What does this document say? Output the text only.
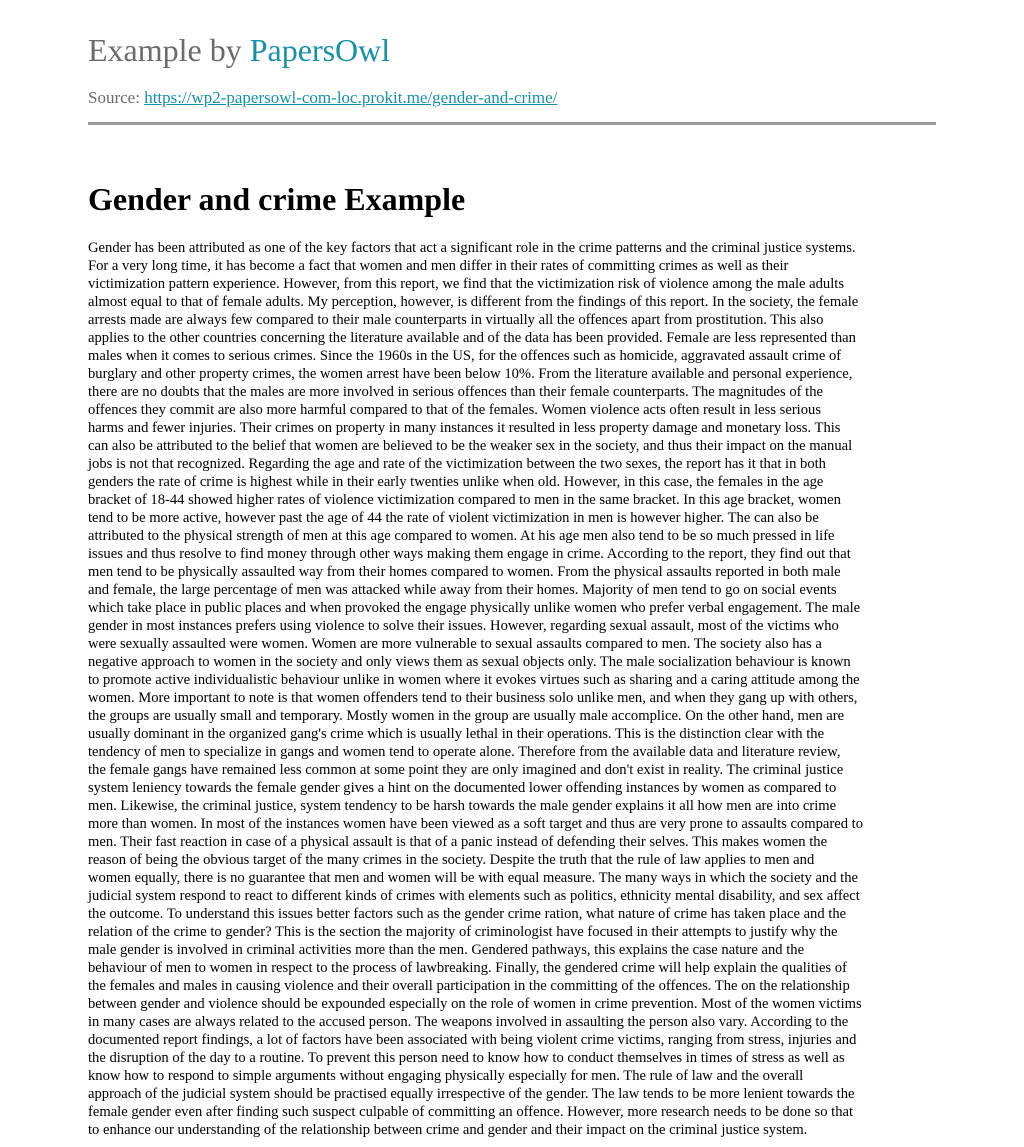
Example by PapersOwl
Source: https://wp2-papersowl-com-loc.prokit.me/gender-and-crime/
Gender and crime Example
Gender has been attributed as one of the key factors that act a significant role in the crime patterns and the criminal justice systems.
For a very long time, it has become a fact that women and men differ in their rates of committing crimes as well as their
victimization pattern experience. However, from this report, we find that the victimization risk of violence among the male adults
almost equal to that of female adults. My perception, however, is different from the findings of this report. In the society, the female
arrests made are always few compared to their male counterparts in virtually all the offences apart from prostitution. This also
applies to the other countries concerning the literature available and of the data has been provided. Female are less represented than
males when it comes to serious crimes. Since the 1960s in the US, for the offences such as homicide, aggravated assault crime of
burglary and other property crimes, the women arrest have been below 10%. From the literature available and personal experience,
there are no doubts that the males are more involved in serious offences than their female counterparts. The magnitudes of the
offences they commit are also more harmful compared to that of the females. Women violence acts often result in less serious
harms and fewer injuries. Their crimes on property in many instances it resulted in less property damage and monetary loss. This
can also be attributed to the belief that women are believed to be the weaker sex in the society, and thus their impact on the manual
jobs is not that recognized. Regarding the age and rate of the victimization between the two sexes, the report has it that in both
genders the rate of crime is highest while in their early twenties unlike when old. However, in this case, the females in the age
bracket of 18-44 showed higher rates of violence victimization compared to men in the same bracket. In this age bracket, women
tend to be more active, however past the age of 44 the rate of violent victimization in men is however higher. The can also be
attributed to the physical strength of men at this age compared to women. At his age men also tend to be so much pressed in life
issues and thus resolve to find money through other ways making them engage in crime. According to the report, they find out that
men tend to be physically assaulted way from their homes compared to women. From the physical assaults reported in both male
and female, the large percentage of men was attacked while away from their homes. Majority of men tend to go on social events
which take place in public places and when provoked the engage physically unlike women who prefer verbal engagement. The male
gender in most instances prefers using violence to solve their issues. However, regarding sexual assault, most of the victims who
were sexually assaulted were women. Women are more vulnerable to sexual assaults compared to men. The society also has a
negative approach to women in the society and only views them as sexual objects only. The male socialization behaviour is known
to promote active individualistic behaviour unlike in women where it evokes virtues such as sharing and a caring attitude among the
women. More important to note is that women offenders tend to their business solo unlike men, and when they gang up with others,
the groups are usually small and temporary. Mostly women in the group are usually male accomplice. On the other hand, men are
usually dominant in the organized gang's crime which is usually lethal in their operations. This is the distinction clear with the
tendency of men to specialize in gangs and women tend to operate alone. Therefore from the available data and literature review,
the female gangs have remained less common at some point they are only imagined and don't exist in reality. The criminal justice
system leniency towards the female gender gives a hint on the documented lower offending instances by women as compared to
men. Likewise, the criminal justice, system tendency to be harsh towards the male gender explains it all how men are into crime
more than women. In most of the instances women have been viewed as a soft target and thus are very prone to assaults compared to
men. Their fast reaction in case of a physical assault is that of a panic instead of defending their selves. This makes women the
reason of being the obvious target of the many crimes in the society. Despite the truth that the rule of law applies to men and
women equally, there is no guarantee that men and women will be with equal measure. The many ways in which the society and the
judicial system respond to react to different kinds of crimes with elements such as politics, ethnicity mental disability, and sex affect
the outcome. To understand this issues better factors such as the gender crime ration, what nature of crime has taken place and the
relation of the crime to gender? This is the section the majority of criminologist have focused in their attempts to justify why the
male gender is involved in criminal activities more than the men. Gendered pathways, this explains the case nature and the
behaviour of men to women in respect to the process of lawbreaking. Finally, the gendered crime will help explain the qualities of
the females and males in causing violence and their overall participation in the committing of the offences. The on the relationship
between gender and violence should be expounded especially on the role of women in crime prevention. Most of the women victims
in many cases are always related to the accused person. The weapons involved in assaulting the person also vary. According to the
documented report findings, a lot of factors have been associated with being violent crime victims, ranging from stress, injuries and
the disruption of the day to a routine. To prevent this person need to know how to conduct themselves in times of stress as well as
know how to respond to simple arguments without engaging physically especially for men. The rule of law and the overall
approach of the judicial system should be practised equally irrespective of the gender. The law tends to be more lenient towards the
female gender even after finding such suspect culpable of committing an offence. However, more research needs to be done so that
to enhance our understanding of the relationship between crime and gender and their impact on the criminal justice system.
